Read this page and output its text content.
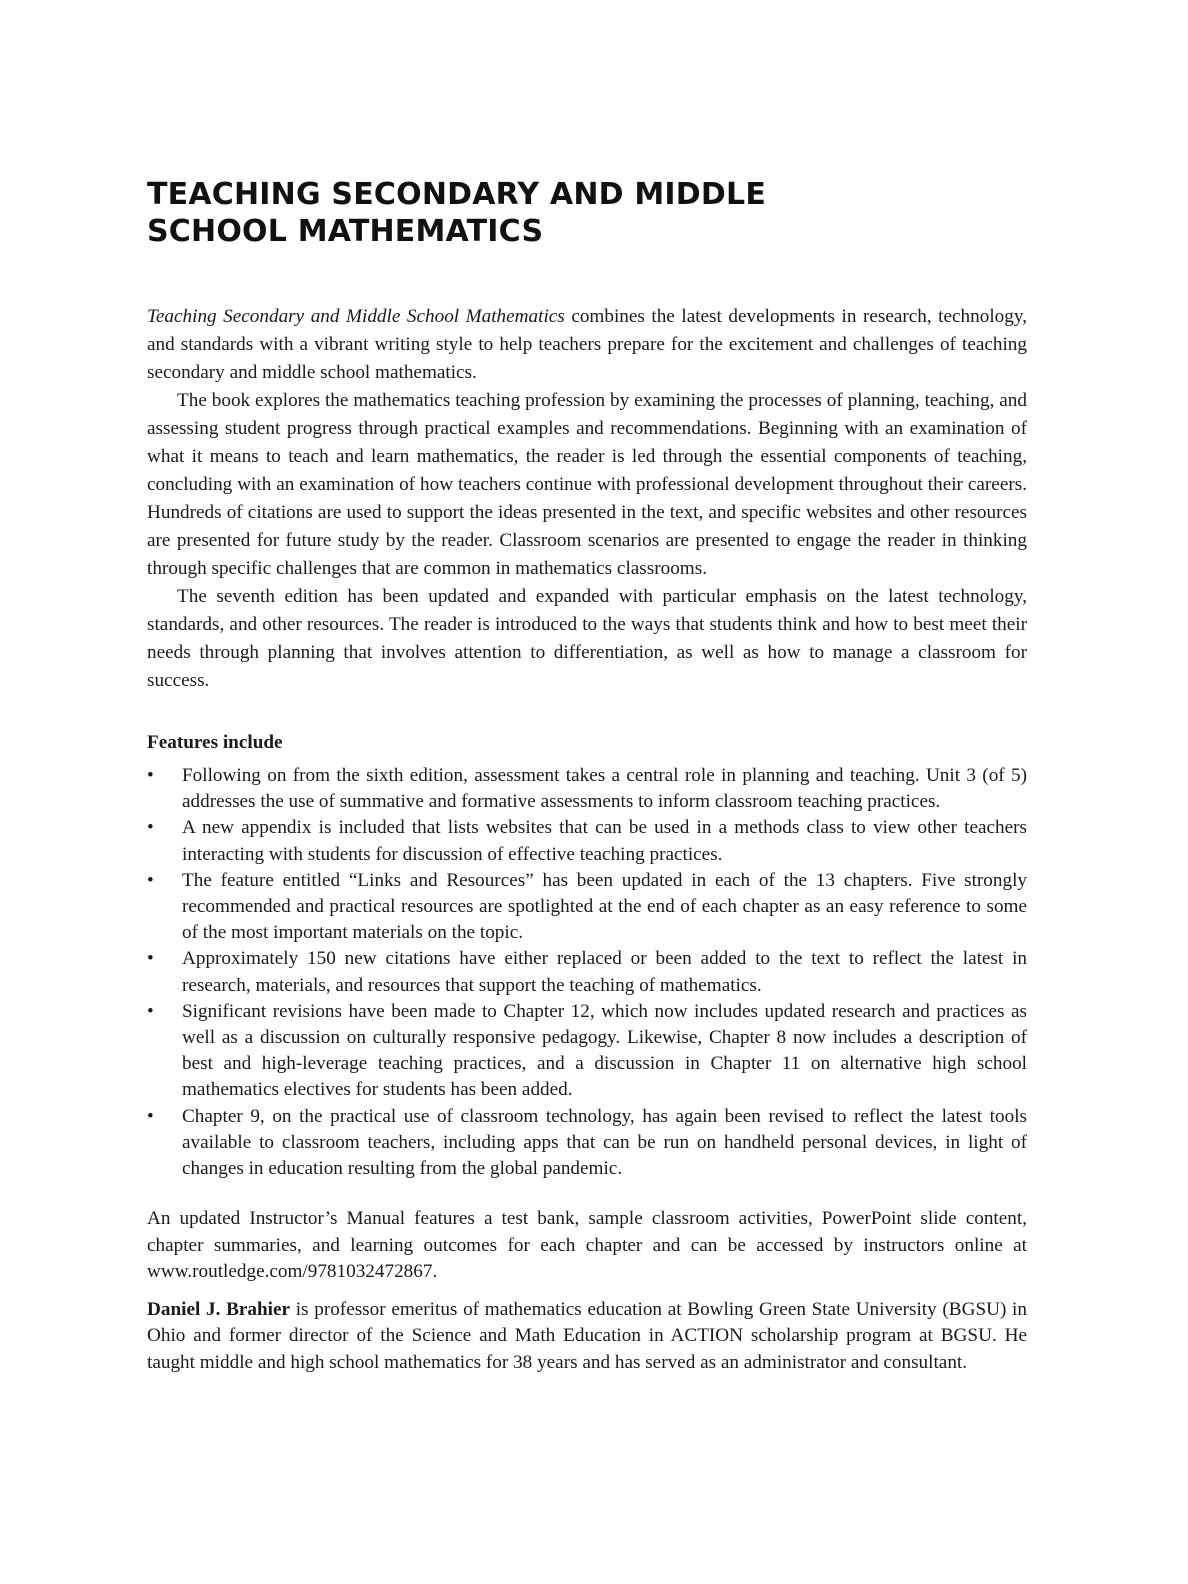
TEACHING SECONDARY AND MIDDLE
SCHOOL MATHEMATICS

Teaching Secondary and Middle School Mathematics combines the latest developments in research, technology, and standards with a vibrant writing style to help teachers prepare for the excitement and challenges of teaching secondary and middle school mathematics.

The book explores the mathematics teaching profession by examining the processes of planning, teaching, and assessing student progress through practical examples and recommendations. Beginning with an examination of what it means to teach and learn mathematics, the reader is led through the essential components of teaching, concluding with an examination of how teachers continue with professional development throughout their careers. Hundreds of citations are used to support the ideas presented in the text, and specific websites and other resources are presented for future study by the reader. Classroom scenarios are presented to engage the reader in thinking through specific challenges that are common in mathematics classrooms.

The seventh edition has been updated and expanded with particular emphasis on the latest technology, standards, and other resources. The reader is introduced to the ways that students think and how to best meet their needs through planning that involves attention to differentiation, as well as how to manage a classroom for success.

Features include

• Following on from the sixth edition, assessment takes a central role in planning and teaching. Unit 3 (of 5) addresses the use of summative and formative assessments to inform classroom teaching practices.
• A new appendix is included that lists websites that can be used in a methods class to view other teachers interacting with students for discussion of effective teaching practices.
• The feature entitled “Links and Resources” has been updated in each of the 13 chapters. Five strongly recommended and practical resources are spotlighted at the end of each chapter as an easy reference to some of the most important materials on the topic.
• Approximately 150 new citations have either replaced or been added to the text to reflect the latest in research, materials, and resources that support the teaching of mathematics.
• Significant revisions have been made to Chapter 12, which now includes updated research and practices as well as a discussion on culturally responsive pedagogy. Likewise, Chapter 8 now includes a description of best and high-leverage teaching practices, and a discussion in Chapter 11 on alternative high school mathematics electives for students has been added.
• Chapter 9, on the practical use of classroom technology, has again been revised to reflect the latest tools available to classroom teachers, including apps that can be run on handheld personal devices, in light of changes in education resulting from the global pandemic.

An updated Instructor’s Manual features a test bank, sample classroom activities, PowerPoint slide content, chapter summaries, and learning outcomes for each chapter and can be accessed by instructors online at www.routledge.com/9781032472867.

Daniel J. Brahier is professor emeritus of mathematics education at Bowling Green State University (BGSU) in Ohio and former director of the Science and Math Education in ACTION scholarship program at BGSU. He taught middle and high school mathematics for 38 years and has served as an administrator and consultant.
